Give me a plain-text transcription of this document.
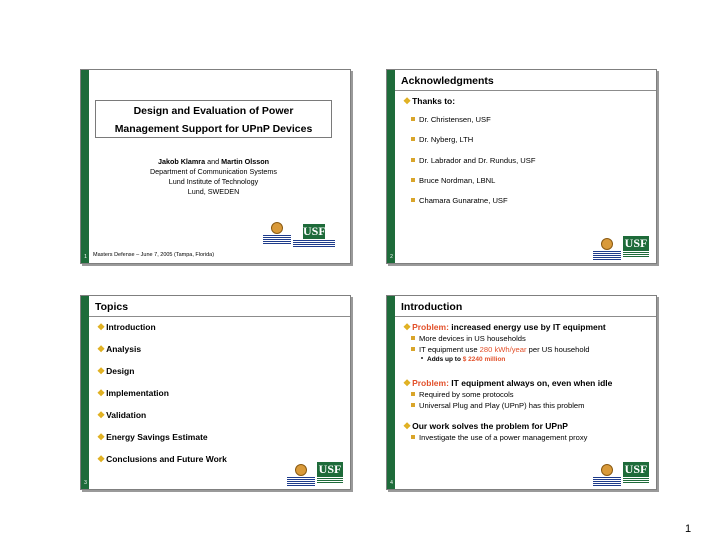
Design and Evaluation of Power
Management Support for UPnP Devices
Jakob Klamra and Martin Olsson
Department of Communication Systems
Lund Institute of Technology
Lund, SWEDEN
USF
1	Masters Defense – June 7, 2005 (Tampa, Florida)
Acknowledgments
❖Thanks to:
Dr. Christensen, USF
Dr. Nyberg, LTH
Dr. Labrador and Dr. Rundus, USF
Bruce Nordman, LBNL
Chamara Gunaratne, USF
USF
2
Topics
❖Introduction
❖Analysis
❖Design
❖Implementation
❖Validation
❖Energy Savings Estimate
❖Conclusions and Future Work
USF
3
Introduction
❖Problem: increased energy use by IT equipment
More devices in US households
IT equipment use 280 kWh/year per US household
Adds up to $ 2240 million
❖Problem: IT equipment always on, even when idle
Required by some protocols
Universal Plug and Play (UPnP) has this problem
❖Our work solves the problem for UPnP
Investigate the use of a power management proxy
USF
4
1
